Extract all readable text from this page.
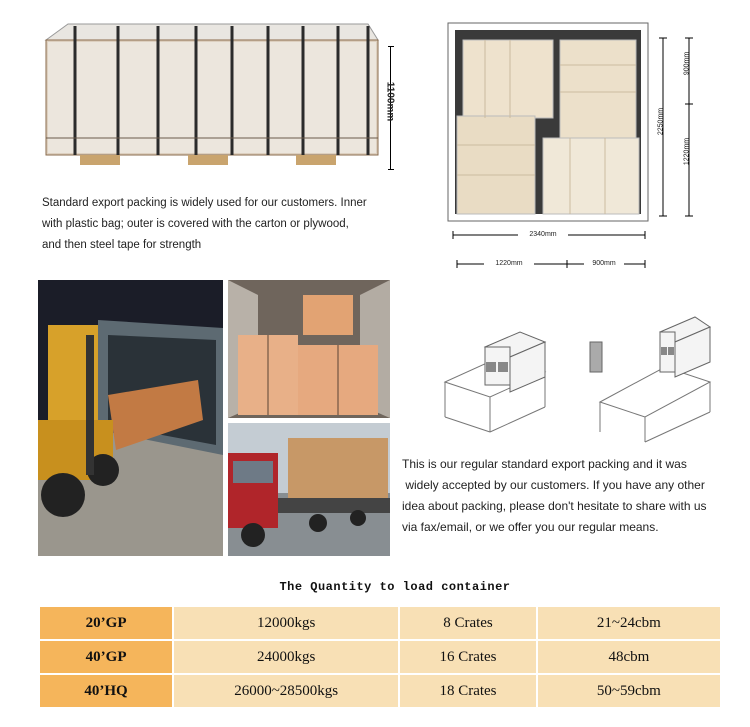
1100mm
Standard export packing is widely used for our customers. Inner
with plastic bag; outer is covered with the carton or plywood,
and then steel tape for strength
900mm
2250mm
1220mm
2340mm
1220mm	900mm
This is our regular standard export packing and it was
widely accepted by our customers. If you have any other
idea about packing, please don't hesitate to share with us
via fax/email, or we offer you our regular means.
The Quantity to load container
20’GP	12000kgs	8 Crates	21~24cbm
40’GP	24000kgs	16 Crates	48cbm
40’HQ	26000~28500kgs	18 Crates	50~59cbm
